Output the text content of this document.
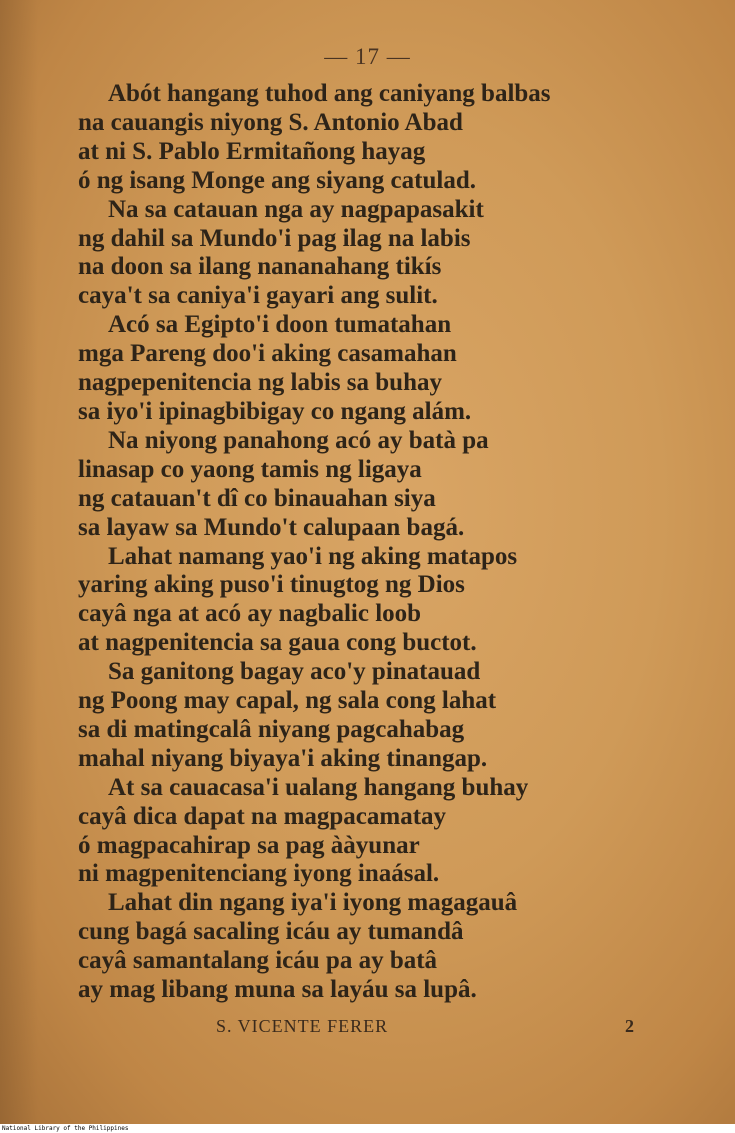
— 17 —
Abót hangang tuhod ang caniyang balbas
na cauangis niyong S. Antonio Abad
at ni S. Pablo Ermitañong hayag
ó ng isang Monge ang siyang catulad.
Na sa catauan nga ay nagpapasakit
ng dahil sa Mundo'i pag ilag na labis
na doon sa ilang nananahang tikís
caya't sa caniya'i gayari ang sulit.
Acó sa Egipto'i doon tumatahan
mga Pareng doo'i aking casamahan
nagpepenitencia ng labis sa buhay
sa iyo'i ipinagbibigay co ngang alám.
Na niyong panahong acó ay batà pa
linasap co yaong tamis ng ligaya
ng catauan't dî co binauahan siya
sa layaw sa Mundo't calupaan bagá.
Lahat namang yao'i ng aking matapos
yaring aking puso'i tinugtog ng Dios
cayâ nga at acó ay nagbalic loob
at nagpenitencia sa gaua cong buctot.
Sa ganitong bagay aco'y pinatauad
ng Poong may capal, ng sala cong lahat
sa di matingcalâ niyang pagcahabag
mahal niyang biyaya'i aking tinangap.
At sa cauacasa'i ualang hangang buhay
cayâ dica dapat na magpacamatay
ó magpacahirap sa pag ààyunar
ni magpenitenciang iyong inaásal.
Lahat din ngang iya'i iyong magagauâ
cung bagá sacaling icáu ay tumandâ
cayâ samantalang icáu pa ay batâ
ay mag libang muna sa layáu sa lupâ.
S. VICENTE FERER	2
National Library of the Philippines
